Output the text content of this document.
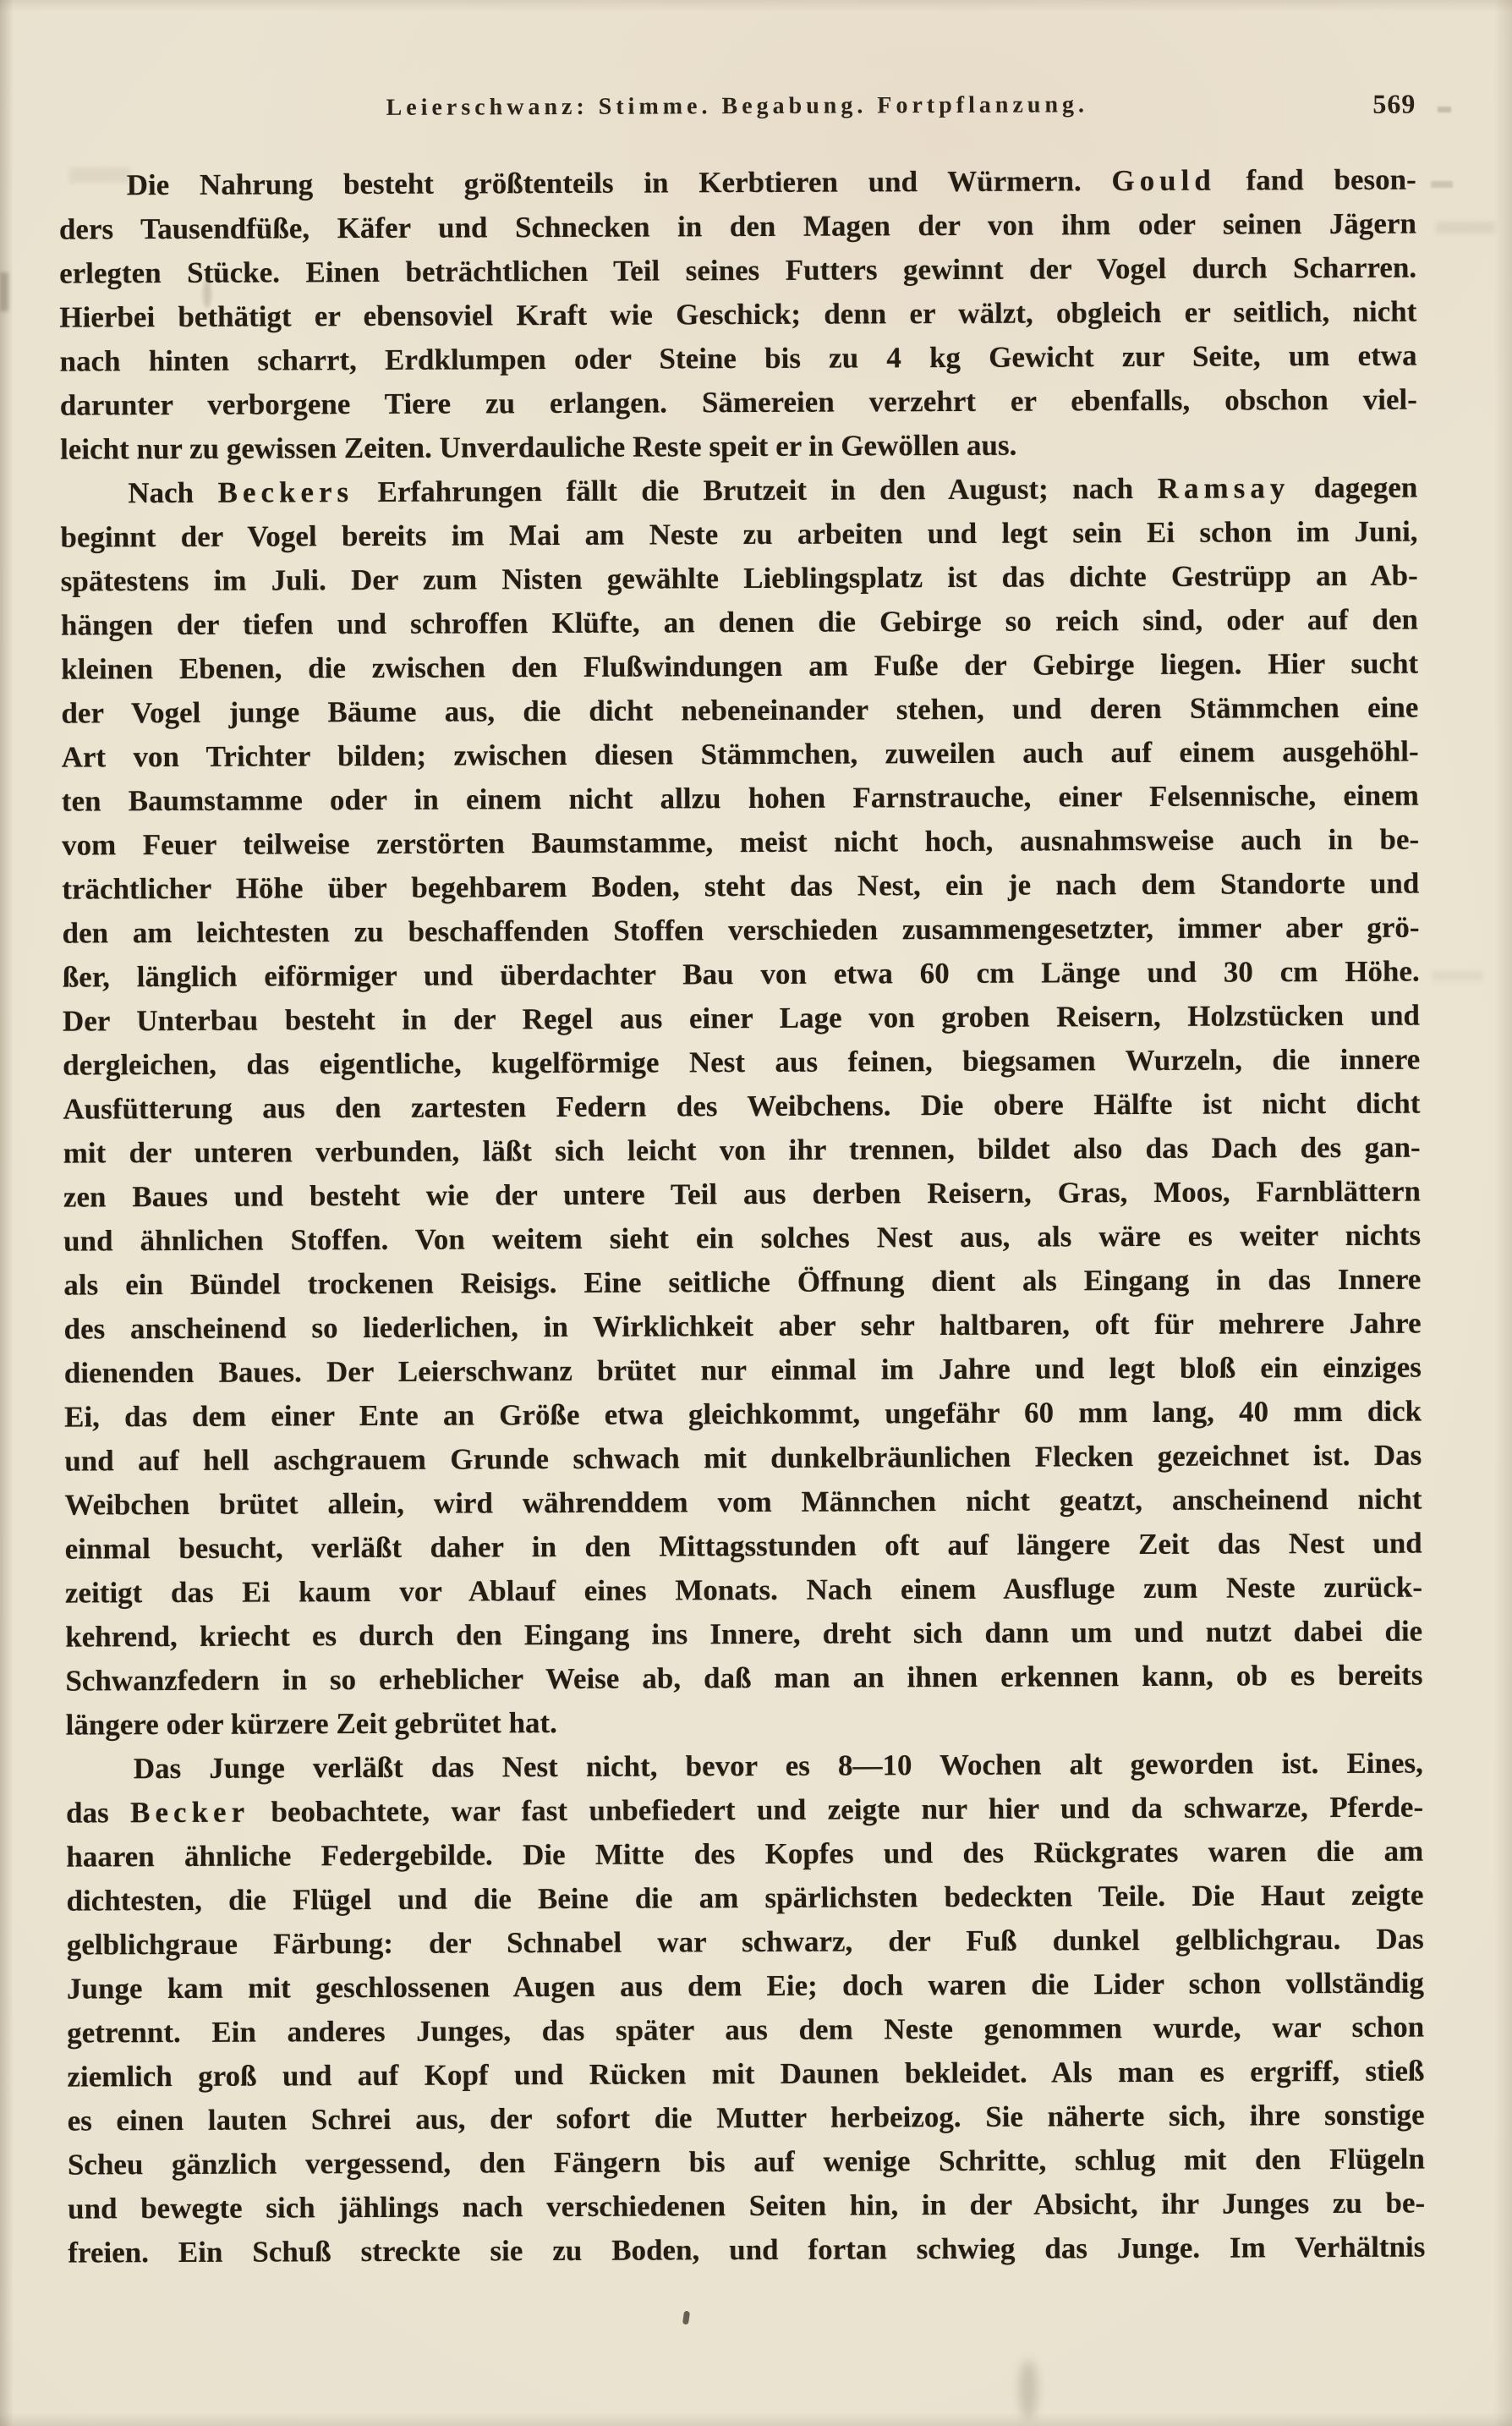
Leierschwanz: Stimme. Begabung. Fortpflanzung.	569
Die Nahrung besteht größtenteils in Kerbtieren und Würmern. Gould fand beson-
ders Tausendfüße, Käfer und Schnecken in den Magen der von ihm oder seinen Jägern
erlegten Stücke. Einen beträchtlichen Teil seines Futters gewinnt der Vogel durch Scharren.
Hierbei bethätigt er ebensoviel Kraft wie Geschick; denn er wälzt, obgleich er seitlich, nicht
nach hinten scharrt, Erdklumpen oder Steine bis zu 4 kg Gewicht zur Seite, um etwa
darunter verborgene Tiere zu erlangen. Sämereien verzehrt er ebenfalls, obschon viel-
leicht nur zu gewissen Zeiten. Unverdauliche Reste speit er in Gewöllen aus.
Nach Beckers Erfahrungen fällt die Brutzeit in den August; nach Ramsay dagegen
beginnt der Vogel bereits im Mai am Neste zu arbeiten und legt sein Ei schon im Juni,
spätestens im Juli. Der zum Nisten gewählte Lieblingsplatz ist das dichte Gestrüpp an Ab-
hängen der tiefen und schroffen Klüfte, an denen die Gebirge so reich sind, oder auf den
kleinen Ebenen, die zwischen den Flußwindungen am Fuße der Gebirge liegen. Hier sucht
der Vogel junge Bäume aus, die dicht nebeneinander stehen, und deren Stämmchen eine
Art von Trichter bilden; zwischen diesen Stämmchen, zuweilen auch auf einem ausgehöhl-
ten Baumstamme oder in einem nicht allzu hohen Farnstrauche, einer Felsennische, einem
vom Feuer teilweise zerstörten Baumstamme, meist nicht hoch, ausnahmsweise auch in be-
trächtlicher Höhe über begehbarem Boden, steht das Nest, ein je nach dem Standorte und
den am leichtesten zu beschaffenden Stoffen verschieden zusammengesetzter, immer aber grö-
ßer, länglich eiförmiger und überdachter Bau von etwa 60 cm Länge und 30 cm Höhe.
Der Unterbau besteht in der Regel aus einer Lage von groben Reisern, Holzstücken und
dergleichen, das eigentliche, kugelförmige Nest aus feinen, biegsamen Wurzeln, die innere
Ausfütterung aus den zartesten Federn des Weibchens. Die obere Hälfte ist nicht dicht
mit der unteren verbunden, läßt sich leicht von ihr trennen, bildet also das Dach des gan-
zen Baues und besteht wie der untere Teil aus derben Reisern, Gras, Moos, Farnblättern
und ähnlichen Stoffen. Von weitem sieht ein solches Nest aus, als wäre es weiter nichts
als ein Bündel trockenen Reisigs. Eine seitliche Öffnung dient als Eingang in das Innere
des anscheinend so liederlichen, in Wirklichkeit aber sehr haltbaren, oft für mehrere Jahre
dienenden Baues. Der Leierschwanz brütet nur einmal im Jahre und legt bloß ein einziges
Ei, das dem einer Ente an Größe etwa gleichkommt, ungefähr 60 mm lang, 40 mm dick
und auf hell aschgrauem Grunde schwach mit dunkelbräunlichen Flecken gezeichnet ist. Das
Weibchen brütet allein, wird währenddem vom Männchen nicht geatzt, anscheinend nicht
einmal besucht, verläßt daher in den Mittagsstunden oft auf längere Zeit das Nest und
zeitigt das Ei kaum vor Ablauf eines Monats. Nach einem Ausfluge zum Neste zurück-
kehrend, kriecht es durch den Eingang ins Innere, dreht sich dann um und nutzt dabei die
Schwanzfedern in so erheblicher Weise ab, daß man an ihnen erkennen kann, ob es bereits
längere oder kürzere Zeit gebrütet hat.
Das Junge verläßt das Nest nicht, bevor es 8—10 Wochen alt geworden ist. Eines,
das Becker beobachtete, war fast unbefiedert und zeigte nur hier und da schwarze, Pferde-
haaren ähnliche Federgebilde. Die Mitte des Kopfes und des Rückgrates waren die am
dichtesten, die Flügel und die Beine die am spärlichsten bedeckten Teile. Die Haut zeigte
gelblichgraue Färbung: der Schnabel war schwarz, der Fuß dunkel gelblichgrau. Das
Junge kam mit geschlossenen Augen aus dem Eie; doch waren die Lider schon vollständig
getrennt. Ein anderes Junges, das später aus dem Neste genommen wurde, war schon
ziemlich groß und auf Kopf und Rücken mit Daunen bekleidet. Als man es ergriff, stieß
es einen lauten Schrei aus, der sofort die Mutter herbeizog. Sie näherte sich, ihre sonstige
Scheu gänzlich vergessend, den Fängern bis auf wenige Schritte, schlug mit den Flügeln
und bewegte sich jählings nach verschiedenen Seiten hin, in der Absicht, ihr Junges zu be-
freien. Ein Schuß streckte sie zu Boden, und fortan schwieg das Junge. Im Verhältnis
